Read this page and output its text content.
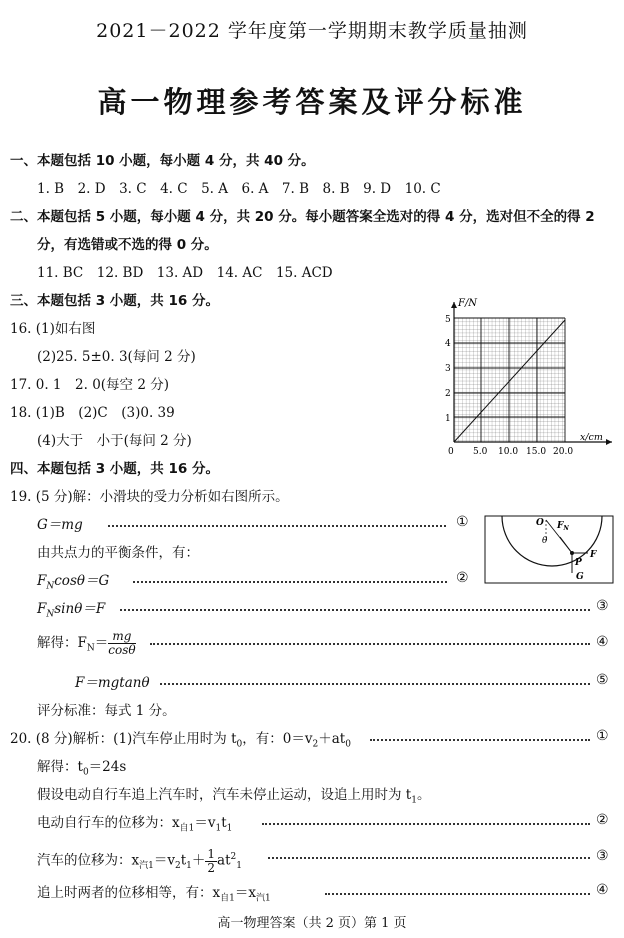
2021－2022 学年度第一学期期末教学质量抽测
高一物理参考答案及评分标准
一、本题包括 10 小题，每小题 4 分，共 40 分。
1. B　2. D　3. C　4. C　5. A　6. A　7. B　8. B　9. D　10. C
二、本题包括 5 小题，每小题 4 分，共 20 分。每小题答案全选对的得 4 分，选对但不全的得 2
分，有选错或不选的得 0 分。
11. BC　12. BD　13. AD　14. AC　15. ACD
三、本题包括 3 小题，共 16 分。
16. (1)如右图
(2)25. 5±0. 3(每问 2 分)
17. 0. 1　2. 0(每空 2 分)
18. (1)B　(2)C　(3)0. 39
(4)大于　小于(每问 2 分)
F/N
x/cm
0 5.0 10.0 15.0 20.0
1
2
3
4
5
四、本题包括 3 小题，共 16 分。
19. (5 分)解：小滑块的受力分析如右图所示。
G＝mg	①	O $F_N$
θ
F
P
G
由共点力的平衡条件，有：
$F_N\cos\theta=G$	②
$F_N\sin\theta=F$	③
解得：$F_N= \frac{mg}{\cos\theta}$	④
F＝mgtanθ	⑤
评分标准：每式 1 分。
20. (8 分)解析：(1)汽车停止用时为 $t_0$，有：$0=v_2+at_0$
①
解得：$t_0=24s$
假设电动自行车追上汽车时，汽车未停止运动，设追上用时为 $t_1$。
电动自行车的位移为：$x_{自1}=v_1t_1$
②
汽车的位移为：$x_{汽1}=v_2t_1+ \frac{1}{2} at^2_1$
③
追上时两者的位移相等，有：$x_{自1}=x_{汽1}$
④
高一物理答案（共 2 页）第 1 页
